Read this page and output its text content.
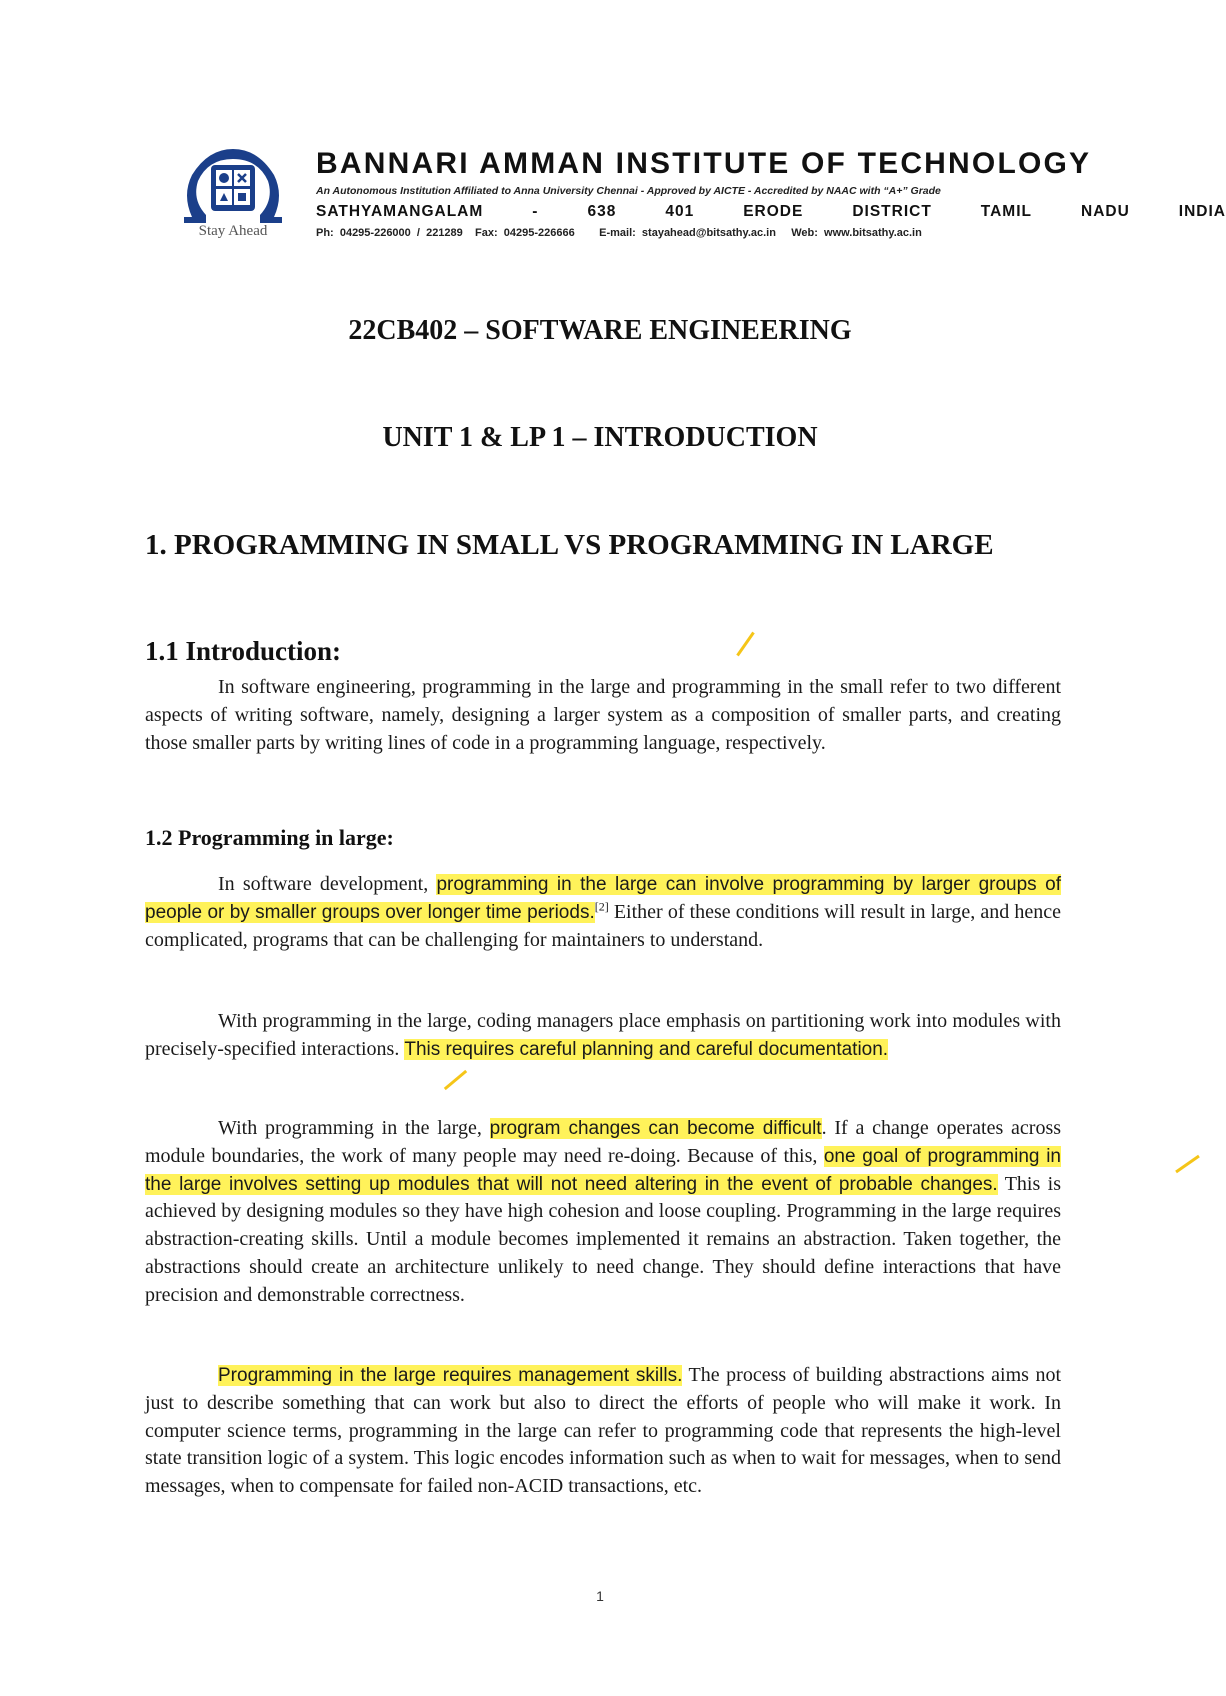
Stay Ahead
BANNARI AMMAN INSTITUTE OF TECHNOLOGY
An Autonomous Institution Affiliated to Anna University Chennai - Approved by AICTE - Accredited by NAAC with “A+” Grade
SATHYAMANGALAM	-	638	401	ERODE	DISTRICT	TAMIL	NADU	INDIA
Ph:  04295-226000  /  221289    Fax:  04295-226666        E-mail:  stayahead@bitsathy.ac.in     Web:  www.bitsathy.ac.in
22CB402 – SOFTWARE ENGINEERING
UNIT 1 & LP 1 – INTRODUCTION
1. PROGRAMMING IN SMALL VS PROGRAMMING IN LARGE
1.1 Introduction:

In software engineering, programming in the large and programming in the small refer to two different aspects of writing software, namely, designing a larger system as a composition of smaller parts, and creating those smaller parts by writing lines of code in a programming language, respectively.

1.2 Programming in large:

In software development, programming in the large can involve programming by larger groups of people or by smaller groups over longer time periods.[2] Either of these conditions will result in large, and hence complicated, programs that can be challenging for maintainers to understand.

With programming in the large, coding managers place emphasis on partitioning work into modules with precisely-specified interactions. This requires careful planning and careful documentation.

With programming in the large, program changes can become difficult. If a change operates across module boundaries, the work of many people may need re-doing. Because of this, one goal of programming in the large involves setting up modules that will not need altering in the event of probable changes. This is achieved by designing modules so they have high cohesion and loose coupling. Programming in the large requires abstraction-creating skills. Until a module becomes implemented it remains an abstraction. Taken together, the abstractions should create an architecture unlikely to need change. They should define interactions that have precision and demonstrable correctness.

Programming in the large requires management skills. The process of building abstractions aims not just to describe something that can work but also to direct the efforts of people who will make it work. In computer science terms, programming in the large can refer to programming code that represents the high-level state transition logic of a system. This logic encodes information such as when to wait for messages, when to send messages, when to compensate for failed non-ACID transactions, etc.

1
